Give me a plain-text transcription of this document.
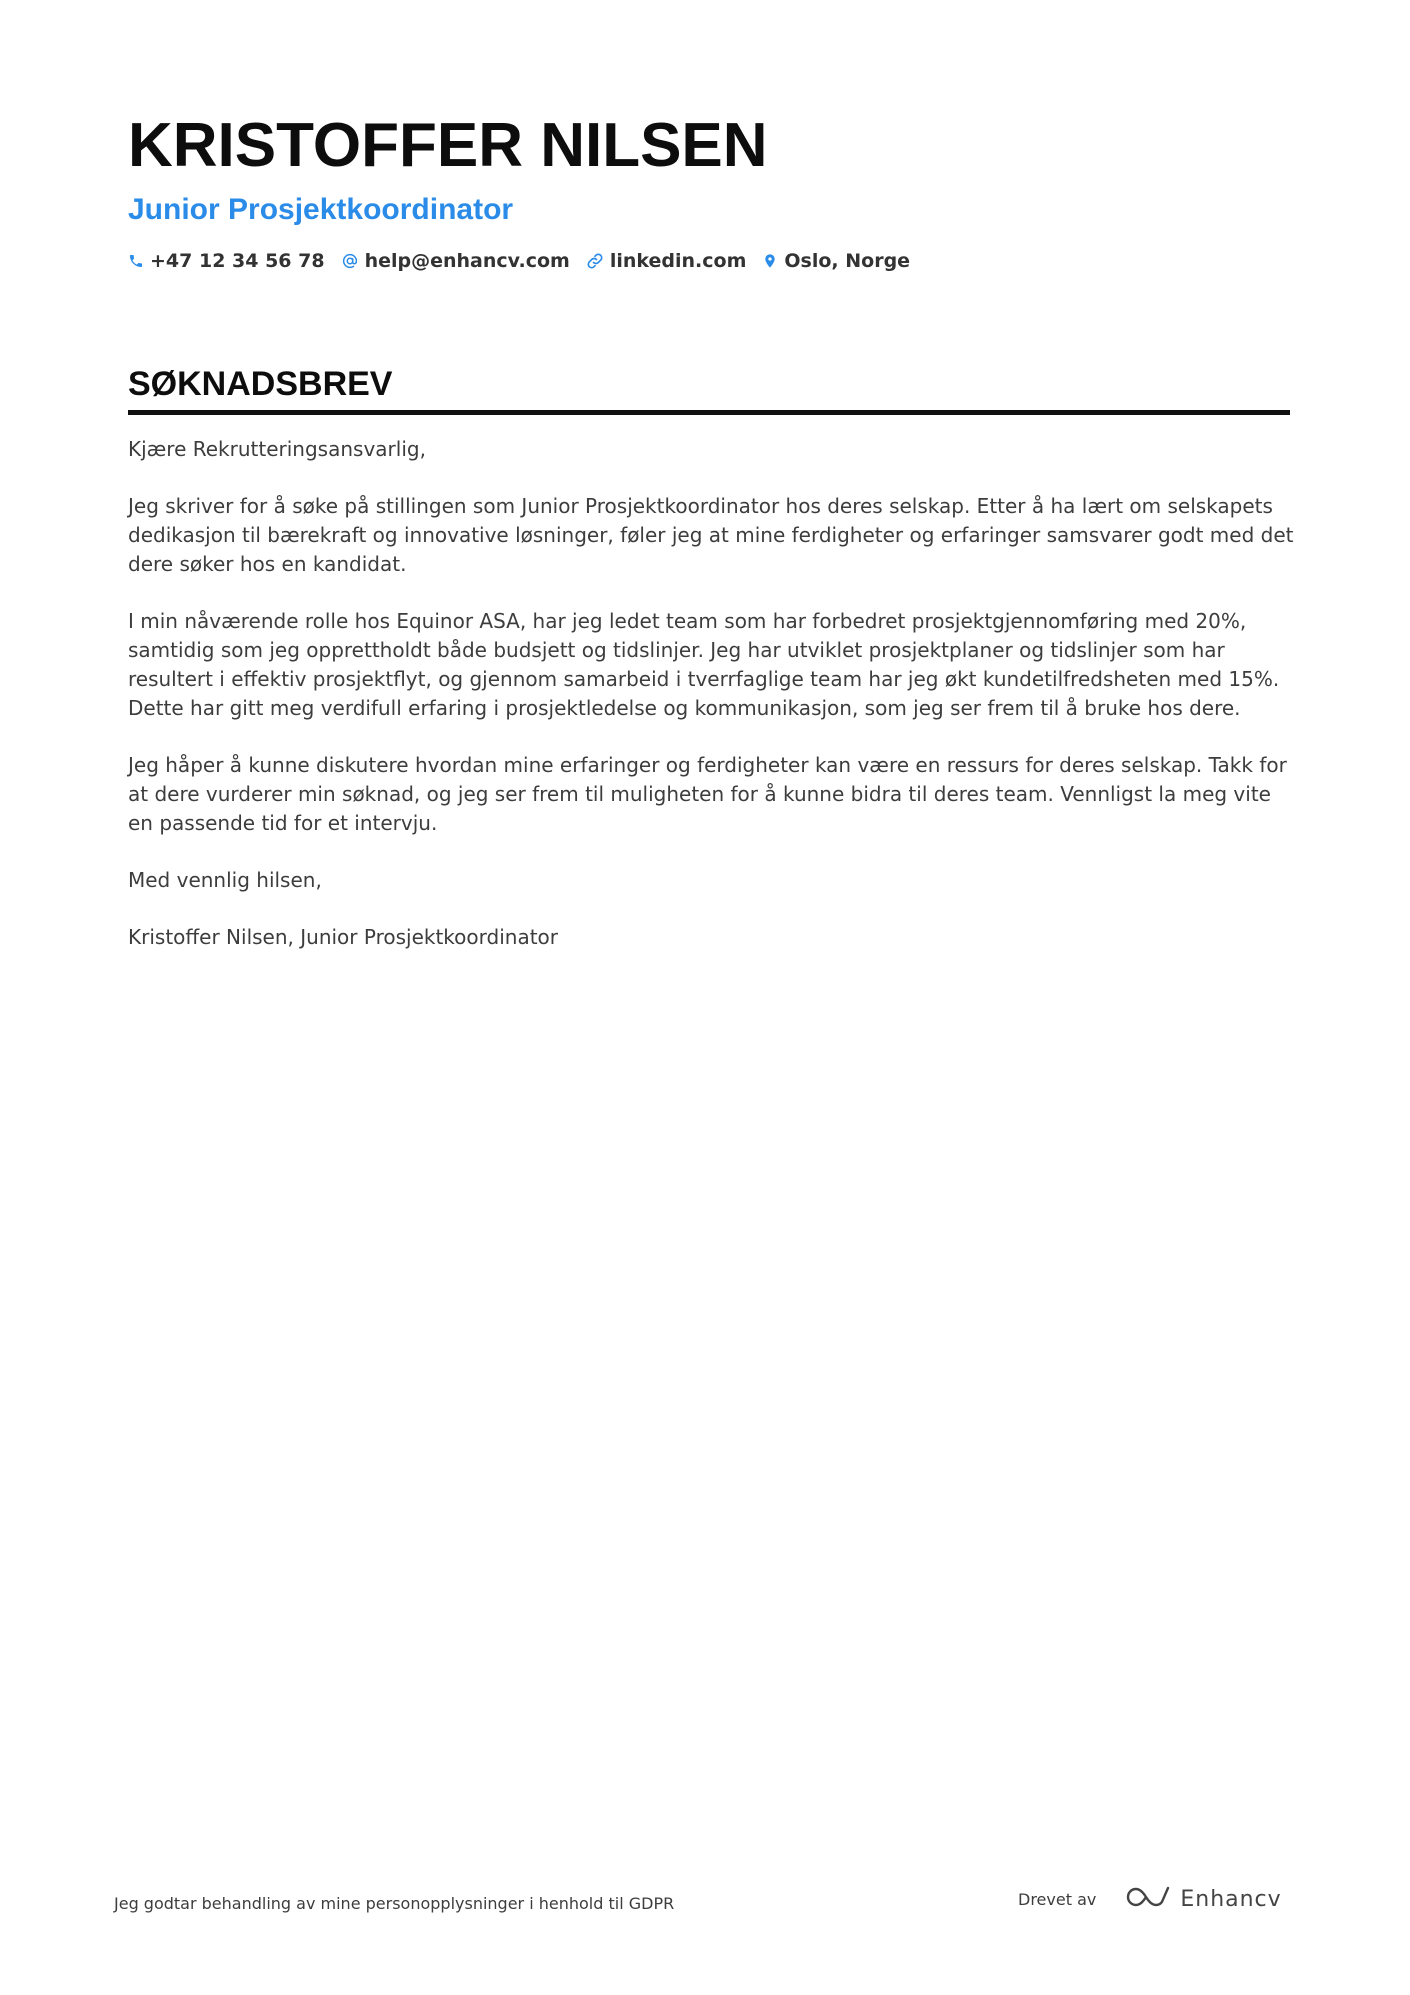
KRISTOFFER NILSEN
Junior Prosjektkoordinator
+47 12 34 56 78 help@enhancv.com linkedin.com Oslo, Norge
SØKNADSBREV

Kjære Rekrutteringsansvarlig,

Jeg skriver for å søke på stillingen som Junior Prosjektkoordinator hos deres selskap. Etter å ha lært om selskapets dedikasjon til bærekraft og innovative løsninger, føler jeg at mine ferdigheter og erfaringer samsvarer godt med det dere søker hos en kandidat.

I min nåværende rolle hos Equinor ASA, har jeg ledet team som har forbedret prosjektgjennomføring med 20%, samtidig som jeg opprettholdt både budsjett og tidslinjer. Jeg har utviklet prosjektplaner og tidslinjer som har resultert i effektiv prosjektflyt, og gjennom samarbeid i tverrfaglige team har jeg økt kundetilfredsheten med 15%. Dette har gitt meg verdifull erfaring i prosjektledelse og kommunikasjon, som jeg ser frem til å bruke hos dere.

Jeg håper å kunne diskutere hvordan mine erfaringer og ferdigheter kan være en ressurs for deres selskap. Takk for at dere vurderer min søknad, og jeg ser frem til muligheten for å kunne bidra til deres team. Vennligst la meg vite en passende tid for et intervju.

Med vennlig hilsen,

Kristoffer Nilsen, Junior Prosjektkoordinator

Jeg godtar behandling av mine personopplysninger i henhold til GDPR	Drevet av	Enhancv
